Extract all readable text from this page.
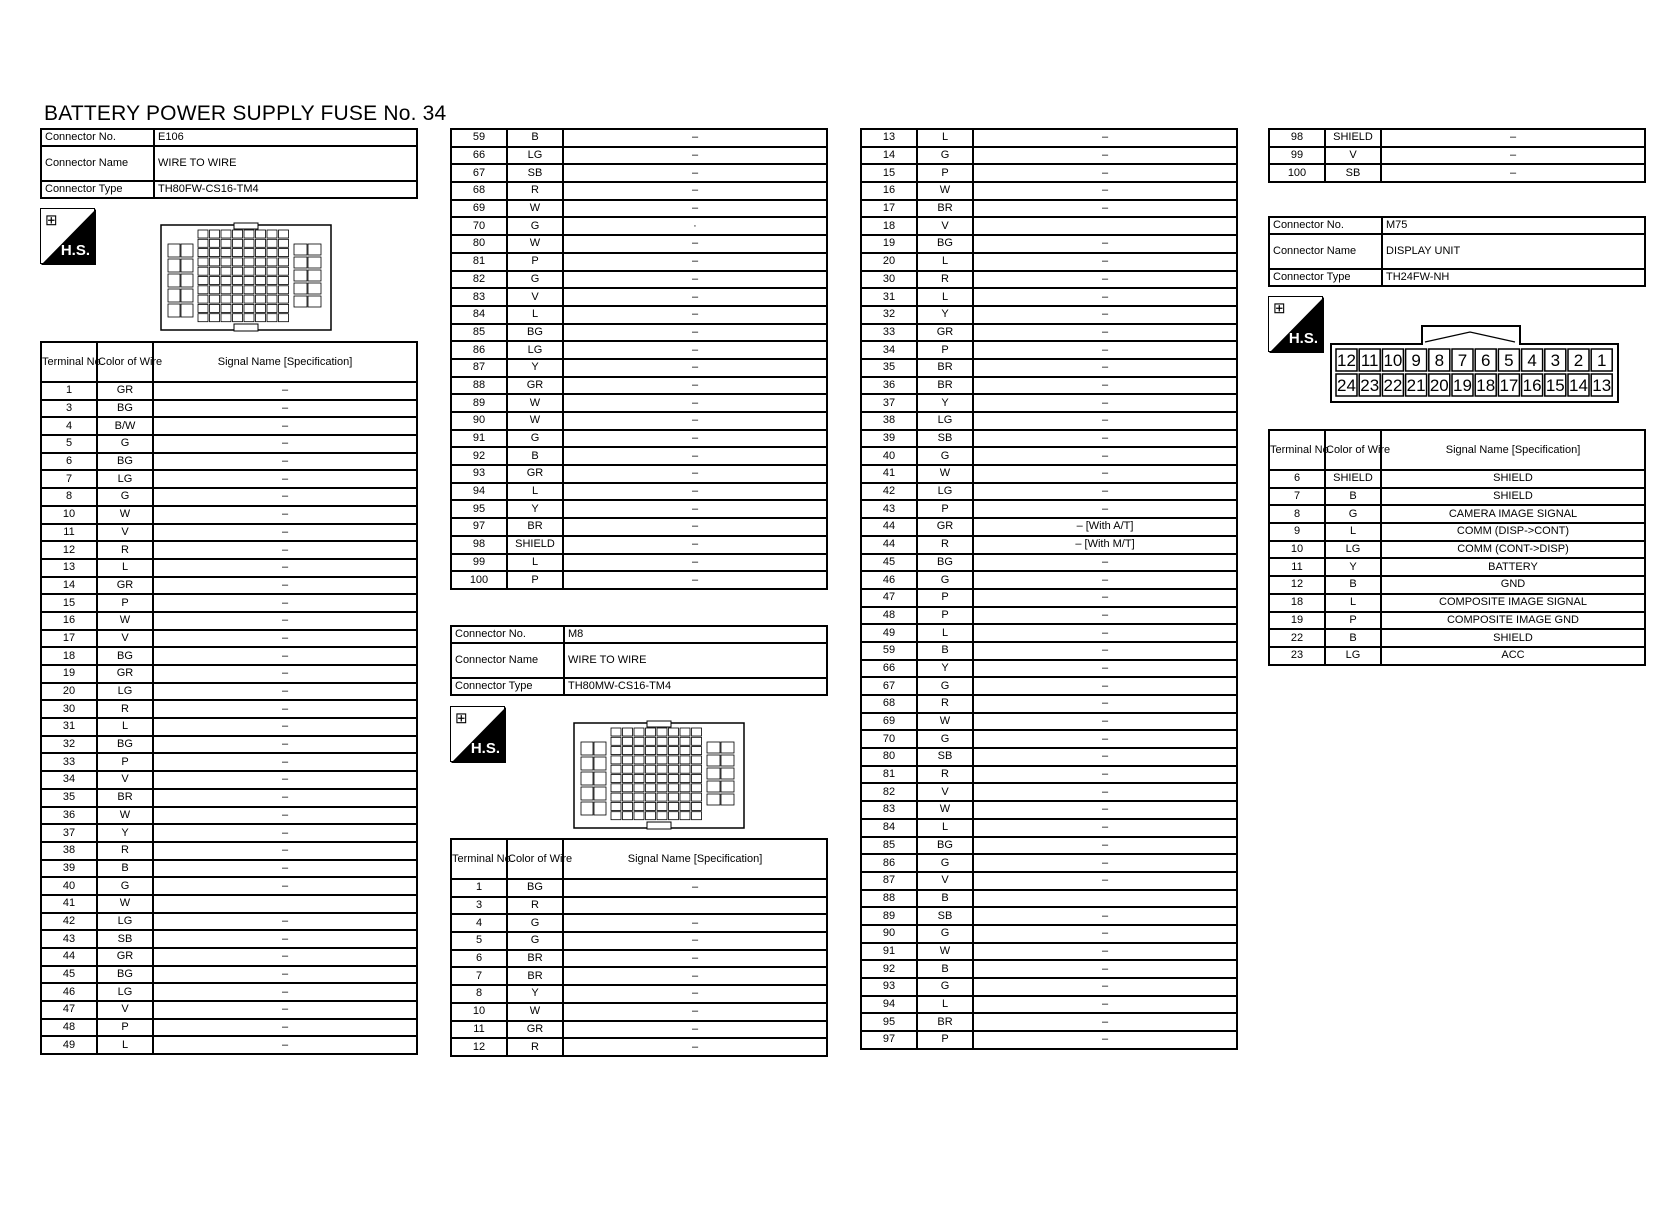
BATTERY POWER SUPPLY FUSE No. 34
Connector No.	E106
Connector Name	WIRE TO WIRE
Connector Type	TH80FW-CS16-TM4
⊞
H.S.
Terminal No.	Color of Wire	Signal Name [Specification]
1	GR	–
3	BG	–
4	B/W	–
5	G	–
6	BG	–
7	LG	–
8	G	–
10	W	–
11	V	–
12	R	–
13	L	–
14	GR	–
15	P	–
16	W	–
17	V	–
18	BG	–
19	GR	–
20	LG	–
30	R	–
31	L	–
32	BG	–
33	P	–
34	V	–
35	BR	–
36	W	–
37	Y	–
38	R	–
39	B	–
40	G	–
41	W	
42	LG	–
43	SB	–
44	GR	–
45	BG	–
46	LG	–
47	V	–
48	P	–
49	L	–
59	B	–
66	LG	–
67	SB	–
68	R	–
69	W	–
70	G	·
80	W	–
81	P	–
82	G	–
83	V	–
84	L	–
85	BG	–
86	LG	–
87	Y	–
88	GR	–
89	W	–
90	W	–
91	G	–
92	B	–
93	GR	–
94	L	–
95	Y	–
97	BR	–
98	SHIELD	–
99	L	–
100	P	–
Connector No.	M8
Connector Name	WIRE TO WIRE
Connector Type	TH80MW-CS16-TM4
⊞
H.S.
Terminal No.	Color of Wire	Signal Name [Specification]
1	BG	–
3	R	
4	G	–
5	G	–
6	BR	–
7	BR	–
8	Y	–
10	W	–
11	GR	–
12	R	–
13	L	–
14	G	–
15	P	–
16	W	–
17	BR	–
18	V	
19	BG	–
20	L	–
30	R	–
31	L	–
32	Y	–
33	GR	–
34	P	–
35	BR	–
36	BR	–
37	Y	–
38	LG	–
39	SB	–
40	G	–
41	W	–
42	LG	–
43	P	–
44	GR	– [With A/T]
44	R	– [With M/T]
45	BG	–
46	G	–
47	P	–
48	P	–
49	L	–
59	B	–
66	Y	–
67	G	–
68	R	–
69	W	–
70	G	–
80	SB	–
81	R	–
82	V	–
83	W	–
84	L	–
85	BG	–
86	G	–
87	V	–
88	B	
89	SB	–
90	G	–
91	W	–
92	B	–
93	G	–
94	L	–
95	BR	–
97	P	–
98	SHIELD	–
99	V	–
100	SB	–
Connector No.	M75
Connector Name	DISPLAY UNIT
Connector Type	TH24FW-NH
⊞
H.S.
12 11 10 9 8 7 6 5 4 3 2 1
24 23 22 21 20 19 18 17 16 15 14 13
Terminal No.	Color of Wire	Signal Name [Specification]
6	SHIELD	SHIELD
7	B	SHIELD
8	G	CAMERA IMAGE SIGNAL
9	L	COMM (DISP->CONT)
10	LG	COMM (CONT->DISP)
11	Y	BATTERY
12	B	GND
18	L	COMPOSITE IMAGE SIGNAL
19	P	COMPOSITE IMAGE GND
22	B	SHIELD
23	LG	ACC
